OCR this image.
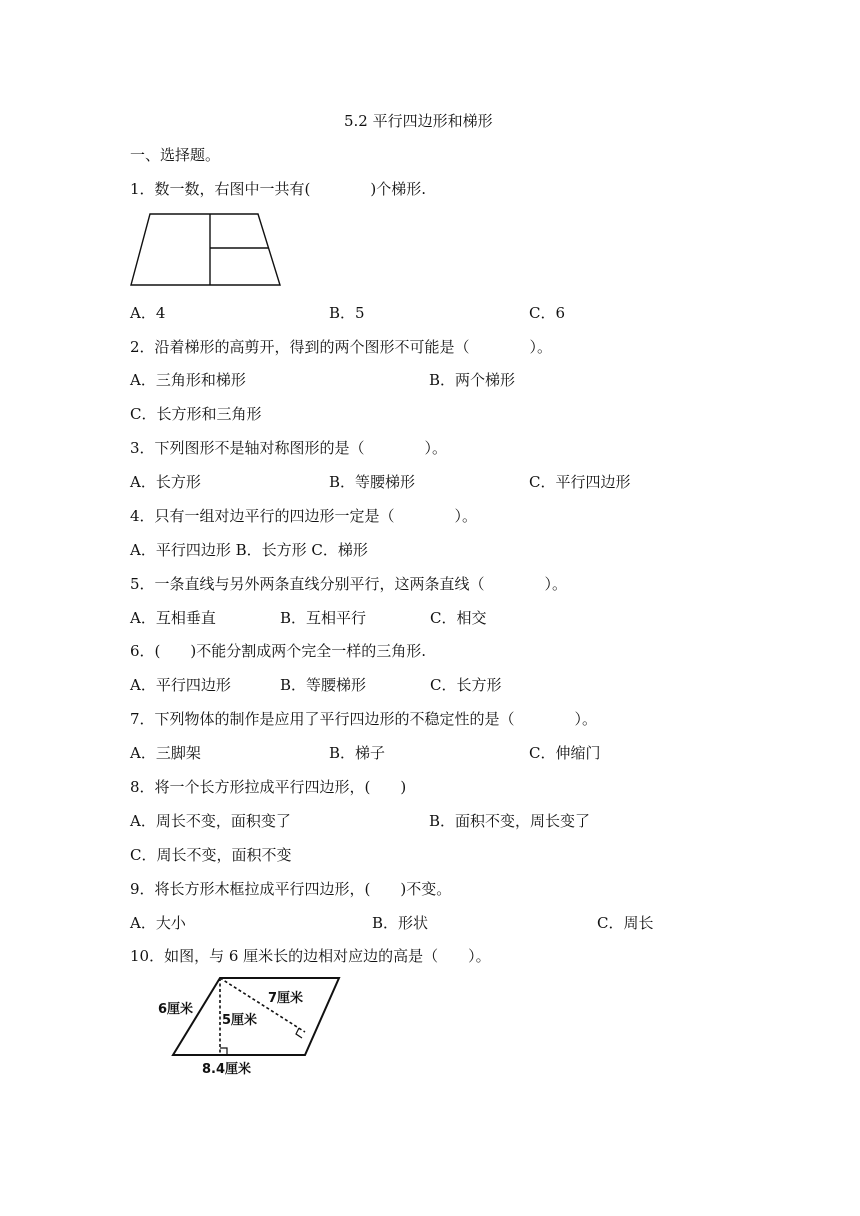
5.2 平行四边形和梯形
一、选择题。
1．数一数，右图中一共有(　　　　)个梯形.
A．4	B．5	C．6
2．沿着梯形的高剪开，得到的两个图形不可能是（　　　　）。
A．三角形和梯形	B．两个梯形
C．长方形和三角形
3．下列图形不是轴对称图形的是（　　　　）。
A．长方形	B．等腰梯形	C．平行四边形
4．只有一组对边平行的四边形一定是（　　　　）。
A．平行四边形 B．长方形 C．梯形
5．一条直线与另外两条直线分别平行，这两条直线（　　　　）。
A．互相垂直	B．互相平行	C．相交
6．(　　)不能分割成两个完全一样的三角形.
A．平行四边形	B．等腰梯形	C．长方形
7．下列物体的制作是应用了平行四边形的不稳定性的是（　　　　）。
A．三脚架	B．梯子	C．伸缩门
8．将一个长方形拉成平行四边形，(　　)
A．周长不变，面积变了	B．面积不变，周长变了
C．周长不变，面积不变
9．将长方形木框拉成平行四边形，(　　)不变。
A．大小	B．形状	C．周长
10．如图，与 6 厘米长的边相对应边的高是（　　）。
6厘米
7厘米
5厘米
8.4厘米
